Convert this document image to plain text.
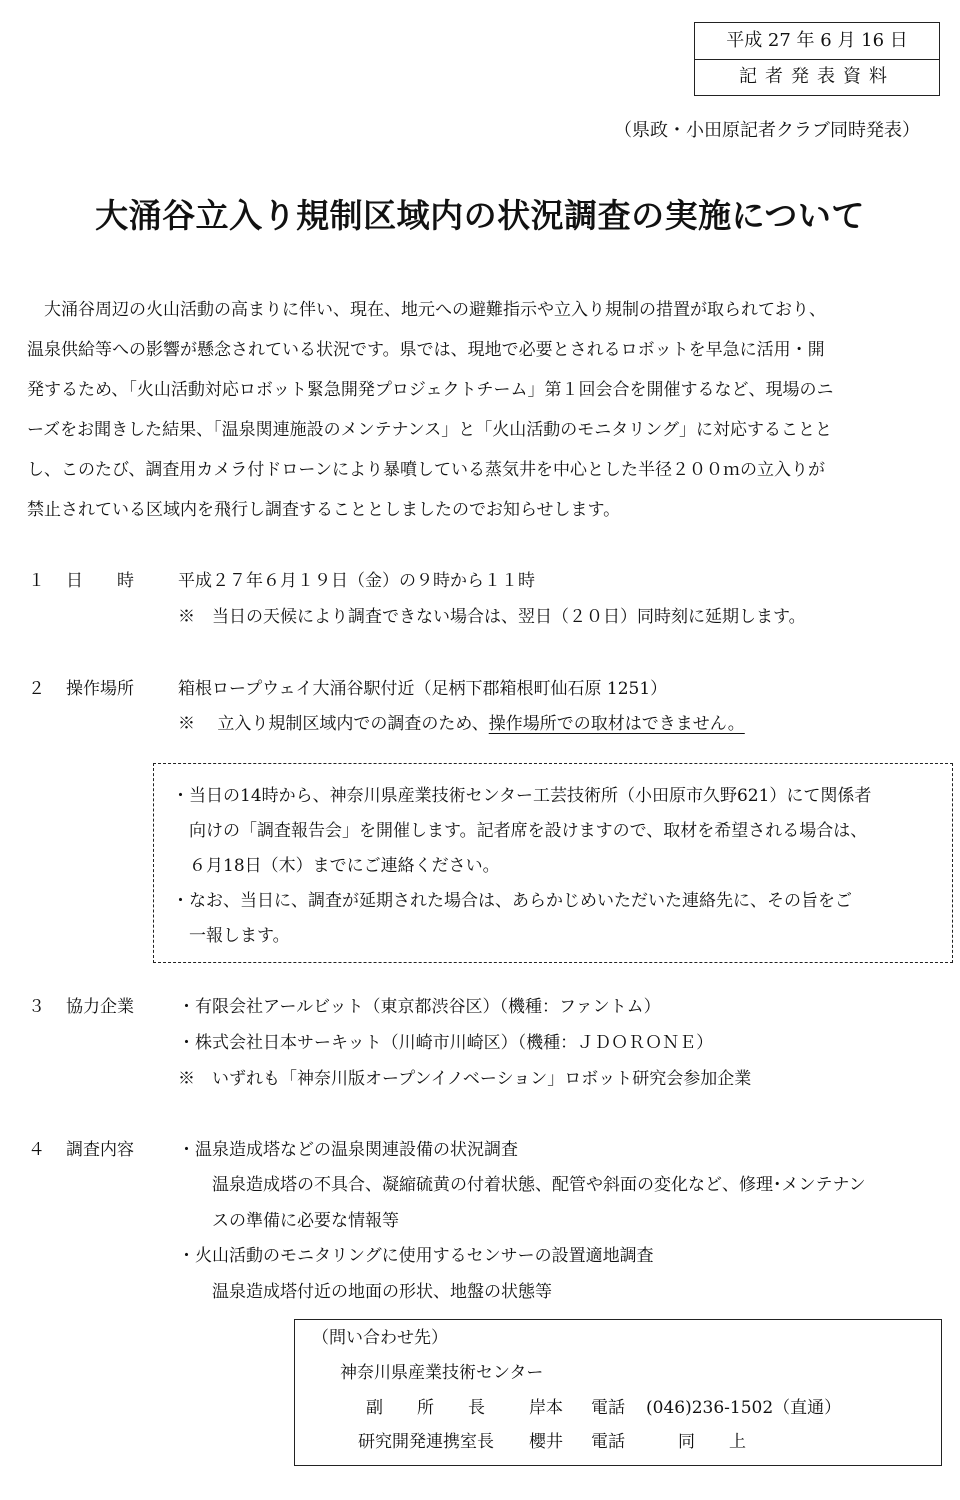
平成 27 年 6 月 16 日
記者発表資料
（県政・小田原記者クラブ同時発表）
大涌谷立入り規制区域内の状況調査の実施について

　大涌谷周辺の火山活動の高まりに伴い、現在、地元への避難指示や立入り規制の措置が取られており、

温泉供給等への影響が懸念されている状況です。県では、現地で必要とされるロボットを早急に活用・開

発するため、「火山活動対応ロボット緊急開発プロジェクトチーム」第１回会合を開催するなど、現場のニ

ーズをお聞きした結果、「温泉関連施設のメンテナンス」と「火山活動のモニタリング」に対応することと

し、このたび、調査用カメラ付ドローンにより暴噴している蒸気井を中心とした半径２００ｍの立入りが

禁止されている区域内を飛行し調査することとしましたのでお知らせします。

１ 日　　時	平成２７年６月１９日（金）の９時から１１時
※　当日の天候により調査できない場合は、翌日（２０日）同時刻に延期します。
２ 操作場所	箱根ロープウェイ大涌谷駅付近（足柄下郡箱根町仙石原 1251）
※　 立入り規制区域内での調査のため、操作場所での取材はできません。
・当日の14時から、神奈川県産業技術センター工芸技術所（小田原市久野621）にて関係者
　向けの「調査報告会」を開催します。記者席を設けますので、取材を希望される場合は、
　６月18日（木）までにご連絡ください。
・なお、当日に、調査が延期された場合は、あらかじめいただいた連絡先に、その旨をご
　一報します。
３ 協力企業	・有限会社アールビット（東京都渋谷区）（機種：ファントム）
・株式会社日本サーキット（川崎市川崎区）（機種：ＪＤＯＲＯＮＥ）
※　いずれも「神奈川版オープンイノベーション」ロボット研究会参加企業
４ 調査内容	・温泉造成塔などの温泉関連設備の状況調査
　　温泉造成塔の不具合、凝縮硫黄の付着状態、配管や斜面の変化など、修理･メンテナン
　　スの準備に必要な情報等
・火山活動のモニタリングに使用するセンサーの設置適地調査
　　温泉造成塔付近の地面の形状、地盤の状態等
（問い合わせ先）
神奈川県産業技術センター
副　　所　　長	岸本 電話 (046)236-1502（直通）
研究開発連携室長 櫻井 電話	同　　上
